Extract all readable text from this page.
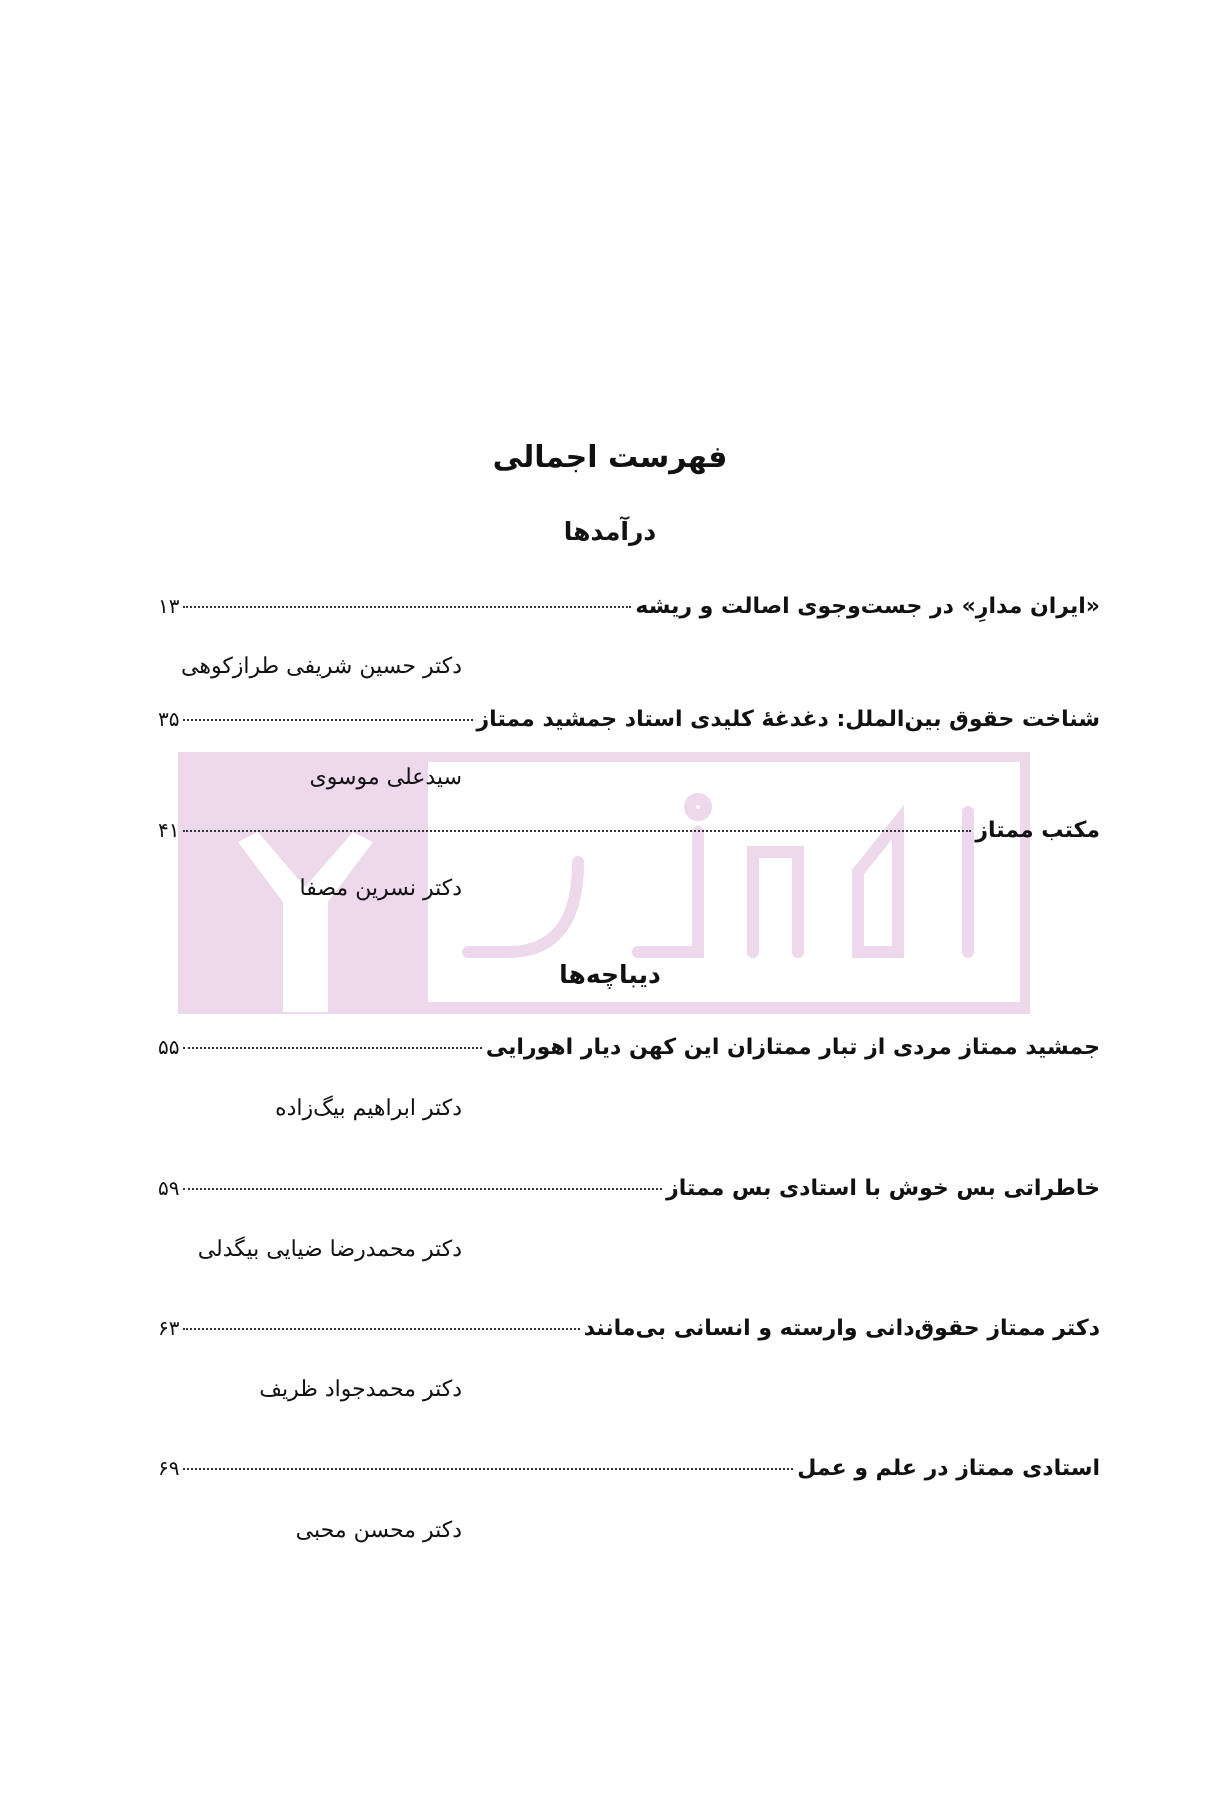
فهرست اجمالی
درآمدها
«ایران مدارِ» در جست‌وجوی اصالت و ریشه
۱۳
دکتر حسین شریفی طرازکوهی
شناخت حقوق بین‌الملل: دغدغهٔ کلیدی استاد جمشید ممتاز
۳۵
سیدعلی موسوی
مکتب ممتاز
۴۱
دکتر نسرین مصفا
دیباچه‌ها
جمشید ممتاز مردی از تبار ممتازان این کهن دیار اهورایی
۵۵
دکتر ابراهیم بیگ‌زاده
خاطراتی بس خوش با استادی بس ممتاز
۵۹
دکتر محمدرضا ضیایی بیگدلی
دکتر ممتاز حقوق‌دانی وارسته و انسانی بی‌مانند
۶۳
دکتر محمدجواد ظریف
استادی ممتاز در علم و عمل
۶۹
دکتر محسن محبی
